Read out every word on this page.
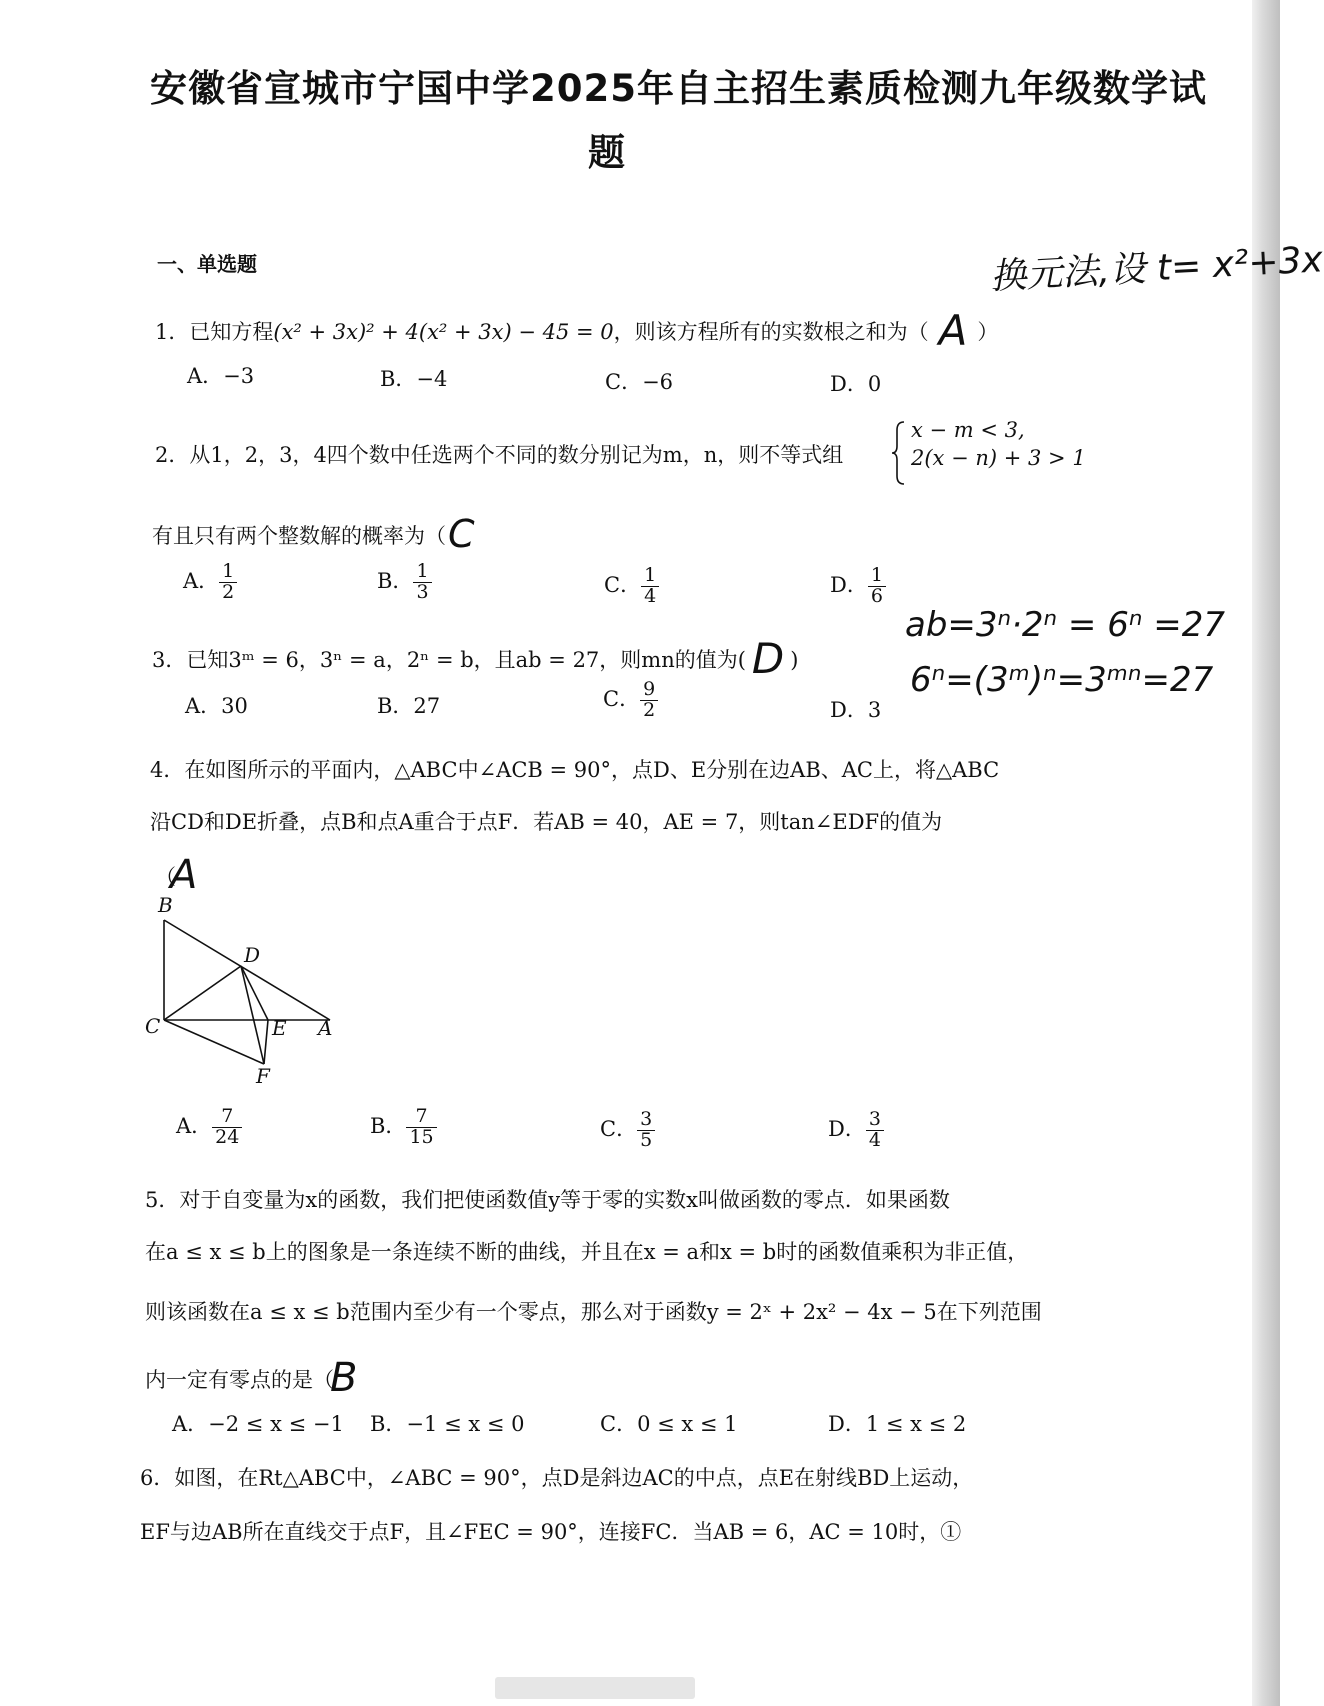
安徽省宣城市宁国中学2025年自主招生素质检测九年级数学试
题
一、单选题	换元法,设 t= x²+3x
1．已知方程(x² + 3x)² + 4(x² + 3x) − 45 = 0，则该方程所有的实数根之和为（ A ）
A．−3	B．−4	C．−6	D．0
2．从1，2，3，4四个数中任选两个不同的数分别记为m，n，则不等式组
x − m < 3,
2(x − n) + 3 > 1
有且只有两个整数解的概率为（C
A． $\frac{1}{2}$	B． $\frac{1}{3}$	C． $\frac{1}{4}$	D． $\frac{1}{6}$
3．已知3ᵐ = 6，3ⁿ = a，2ⁿ = b，且ab = 27，则mn的值为( D )
ab=3ⁿ·2ⁿ = 6ⁿ =27
6ⁿ=(3ᵐ)ⁿ=3ᵐⁿ=27
A．30	B．27	C． $\frac{9}{2}$	D．3
4．在如图所示的平面内，△ABC中∠ACB = 90°，点D、E分别在边AB、AC上，将△ABC
沿CD和DE折叠，点B和点A重合于点F．若AB = 40，AE = 7，则tan∠EDF的值为
（A
B
D
C	E A
F
A． $\frac{7}{24}$	B． $\frac{7}{15}$	C． $\frac{3}{5}$	D． $\frac{3}{4}$
5．对于自变量为x的函数，我们把使函数值y等于零的实数x叫做函数的零点．如果函数
在a ≤ x ≤ b上的图象是一条连续不断的曲线，并且在x = a和x = b时的函数值乘积为非正值，
则该函数在a ≤ x ≤ b范围内至少有一个零点，那么对于函数y = 2ˣ + 2x² − 4x − 5在下列范围
内一定有零点的是（B
A．−2 ≤ x ≤ −1 B．−1 ≤ x ≤ 0	C．0 ≤ x ≤ 1	D．1 ≤ x ≤ 2
6．如图，在Rt△ABC中，∠ABC = 90°，点D是斜边AC的中点，点E在射线BD上运动，
EF与边AB所在直线交于点F，且∠FEC = 90°，连接FC．当AB = 6，AC = 10时，①
